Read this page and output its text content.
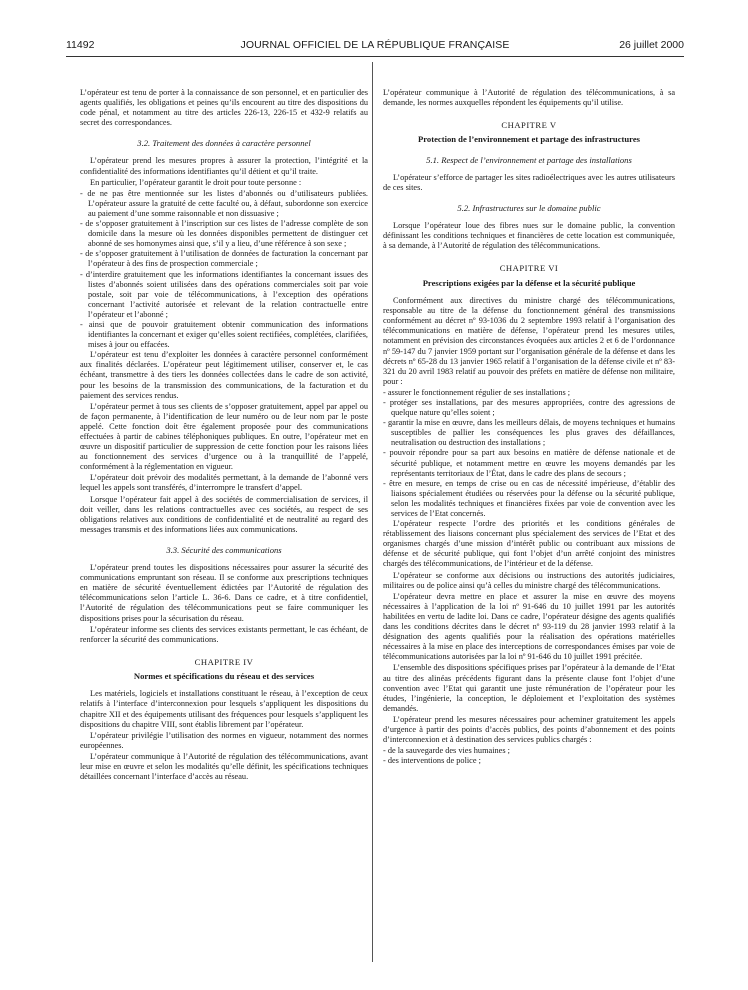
11492	JOURNAL OFFICIEL DE LA RÉPUBLIQUE FRANÇAISE	26 juillet 2000

L’opérateur est tenu de porter à la connaissance de son personnel, et en particulier des agents qualifiés, les obligations et peines qu’ils encourent au titre des dispositions du code pénal, et notamment au titre des articles 226-13, 226-15 et 432-9 relatifs au secret des correspondances.

3.2. Traitement des données à caractère personnel

L’opérateur prend les mesures propres à assurer la protection, l’intégrité et la confidentialité des informations identifiantes qu’il détient et qu’il traite.

En particulier, l’opérateur garantit le droit pour toute personne :

- de ne pas être mentionnée sur les listes d’abonnés ou d’utilisateurs publiées. L’opérateur assure la gratuité de cette faculté ou, à défaut, subordonne son exercice au paiement d’une somme raisonnable et non dissuasive ;
- de s’opposer gratuitement à l’inscription sur ces listes de l’adresse complète de son domicile dans la mesure où les données disponibles permettent de distinguer cet abonné de ses homonymes ainsi que, s’il y a lieu, d’une référence à son sexe ;
- de s’opposer gratuitement à l’utilisation de données de facturation la concernant par l’opérateur à des fins de prospection commerciale ;
- d’interdire gratuitement que les informations identifiantes la concernant issues des listes d’abonnés soient utilisées dans des opérations commerciales soit par voie postale, soit par voie de télécommunications, à l’exception des opérations concernant l’activité autorisée et relevant de la relation contractuelle entre l’opérateur et l’abonné ;
- ainsi que de pouvoir gratuitement obtenir communication des informations identifiantes la concernant et exiger qu’elles soient rectifiées, complétées, clarifiées, mises à jour ou effacées.

L’opérateur est tenu d’exploiter les données à caractère personnel conformément aux finalités déclarées. L’opérateur peut légitimement utiliser, conserver et, le cas échéant, transmettre à des tiers les données collectées dans le cadre de son activité, pour les besoins de la transmission des communications, de la facturation et du paiement des services rendus.

L’opérateur permet à tous ses clients de s’opposer gratuitement, appel par appel ou de façon permanente, à l’identification de leur numéro ou de leur nom par le poste appelé. Cette fonction doit être également proposée pour des communications effectuées à partir de cabines téléphoniques publiques. En outre, l’opérateur met en œuvre un dispositif particulier de suppression de cette fonction pour les raisons liées au fonctionnement des services d’urgence ou à la tranquillité de l’appelé, conformément à la réglementation en vigueur.

L’opérateur doit prévoir des modalités permettant, à la demande de l’abonné vers lequel les appels sont transférés, d’interrompre le transfert d’appel.

Lorsque l’opérateur fait appel à des sociétés de commercialisation de services, il doit veiller, dans les relations contractuelles avec ces sociétés, au respect de ses obligations relatives aux conditions de confidentialité et de neutralité au regard des messages transmis et des informations liées aux communications.

3.3. Sécurité des communications

L’opérateur prend toutes les dispositions nécessaires pour assurer la sécurité des communications empruntant son réseau. Il se conforme aux prescriptions techniques en matière de sécurité éventuellement édictées par l’Autorité de régulation des télécommunications selon l’article L. 36-6. Dans ce cadre, et à titre confidentiel, l’Autorité de régulation des télécommunications peut se faire communiquer les dispositions prises pour la sécurisation du réseau.

L’opérateur informe ses clients des services existants permettant, le cas échéant, de renforcer la sécurité des communications.

CHAPITRE IV
Normes et spécifications du réseau et des services

Les matériels, logiciels et installations constituant le réseau, à l’exception de ceux relatifs à l’interface d’interconnexion pour lesquels s’appliquent les dispositions du chapitre XII et des équipements utilisant des fréquences pour lesquels s’appliquent les dispositions du chapitre VIII, sont établis librement par l’opérateur.

L’opérateur privilégie l’utilisation des normes en vigueur, notamment des normes européennes.

L’opérateur communique à l’Autorité de régulation des télécommunications, avant leur mise en œuvre et selon les modalités qu’elle définit, les spécifications techniques détaillées concernant l’interface d’accès au réseau.

L’opérateur communique à l’Autorité de régulation des télécommunications, à sa demande, les normes auxquelles répondent les équipements qu’il utilise.

CHAPITRE V
Protection de l’environnement et partage des infrastructures
5.1. Respect de l’environnement et partage des installations

L’opérateur s’efforce de partager les sites radioélectriques avec les autres utilisateurs de ces sites.

5.2. Infrastructures sur le domaine public

Lorsque l’opérateur loue des fibres nues sur le domaine public, la convention définissant les conditions techniques et financières de cette location est communiquée, à sa demande, à l’Autorité de régulation des télécommunications.

CHAPITRE VI
Prescriptions exigées par la défense et la sécurité publique

Conformément aux directives du ministre chargé des télécommunications, responsable au titre de la défense du fonctionnement général des transmissions conformément au décret nº 93-1036 du 2 septembre 1993 relatif à l’organisation des télécommunications en matière de défense, l’opérateur prend les mesures utiles, notamment en prévision des circonstances évoquées aux articles 2 et 6 de l’ordonnance nº 59-147 du 7 janvier 1959 portant sur l’organisation générale de la défense et dans les décrets nº 65-28 du 13 janvier 1965 relatif à l’organisation de la défense civile et nº 83-321 du 20 avril 1983 relatif au pouvoir des préfets en matière de défense non militaire, pour :

- assurer le fonctionnement régulier de ses installations ;
- protéger ses installations, par des mesures appropriées, contre des agressions de quelque nature qu’elles soient ;
- garantir la mise en œuvre, dans les meilleurs délais, de moyens techniques et humains susceptibles de pallier les conséquences les plus graves des défaillances, neutralisation ou destruction des installations ;
- pouvoir répondre pour sa part aux besoins en matière de défense nationale et de sécurité publique, et notamment mettre en œuvre les moyens demandés par les représentants territoriaux de l’État, dans le cadre des plans de secours ;
- être en mesure, en temps de crise ou en cas de nécessité impérieuse, d’établir des liaisons spécialement étudiées ou réservées pour la défense ou la sécurité publique, selon les modalités techniques et financières fixées par voie de convention avec les services de l’Etat concernés.

L’opérateur respecte l’ordre des priorités et les conditions générales de rétablissement des liaisons concernant plus spécialement des services de l’Etat et des organismes chargés d’une mission d’intérêt public ou contribuant aux missions de défense et de sécurité publique, qui font l’objet d’un arrêté conjoint des ministres chargés des télécommunications, de l’intérieur et de la défense.

L’opérateur se conforme aux décisions ou instructions des autorités judiciaires, militaires ou de police ainsi qu’à celles du ministre chargé des télécommunications.

L’opérateur devra mettre en place et assurer la mise en œuvre des moyens nécessaires à l’application de la loi nº 91-646 du 10 juillet 1991 par les autorités habilitées en vertu de ladite loi. Dans ce cadre, l’opérateur désigne des agents qualifiés dans les conditions décrites dans le décret nº 93-119 du 28 janvier 1993 relatif à la désignation des agents qualifiés pour la réalisation des opérations matérielles nécessaires à la mise en place des interceptions de correspondances émises par voie de télécommunications autorisées par la loi nº 91-646 du 10 juillet 1991 précitée.

L’ensemble des dispositions spécifiques prises par l’opérateur à la demande de l’Etat au titre des alinéas précédents figurant dans la présente clause font l’objet d’une convention avec l’Etat qui garantit une juste rémunération de l’opérateur pour les études, l’ingénierie, la conception, le déploiement et l’exploitation des systèmes demandés.

L’opérateur prend les mesures nécessaires pour acheminer gratuitement les appels d’urgence à partir des points d’accès publics, des points d’abonnement et des points d’interconnexion et à destination des services publics chargés :

- de la sauvegarde des vies humaines ;
- des interventions de police ;
